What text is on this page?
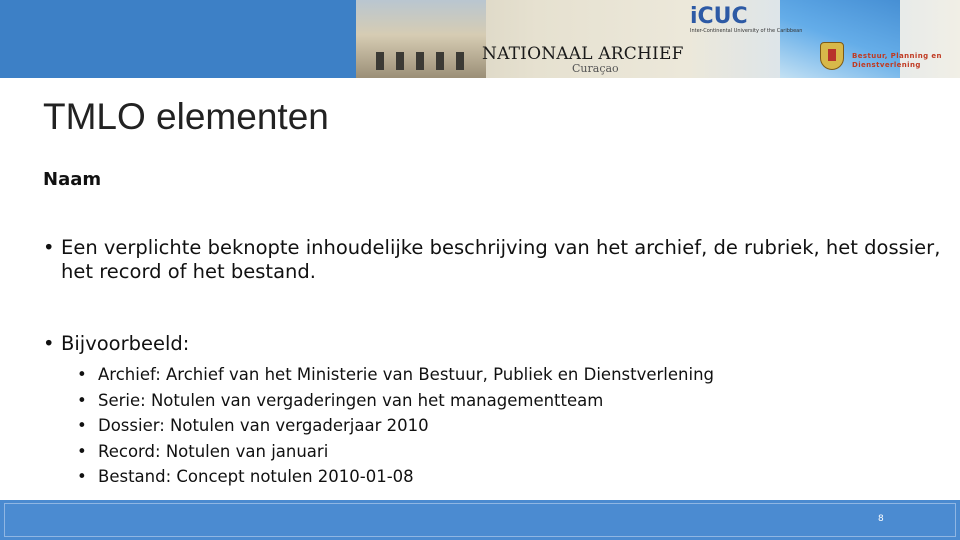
iCUC
Inter-Continental University of the Caribbean
NATIONAAL ARCHIEF
Curaçao
Bestuur, Planning en Dienstverlening
TMLO elementen
Naam
• Een verplichte beknopte inhoudelijke beschrijving van het archief, de rubriek, het dossier, het record of het bestand.
• Bijvoorbeeld:
• Archief: Archief van het Ministerie van Bestuur, Publiek en Dienstverlening
• Serie: Notulen van vergaderingen van het managementteam
• Dossier: Notulen van vergaderjaar 2010
• Record: Notulen van januari
• Bestand: Concept notulen 2010-01-08
8
